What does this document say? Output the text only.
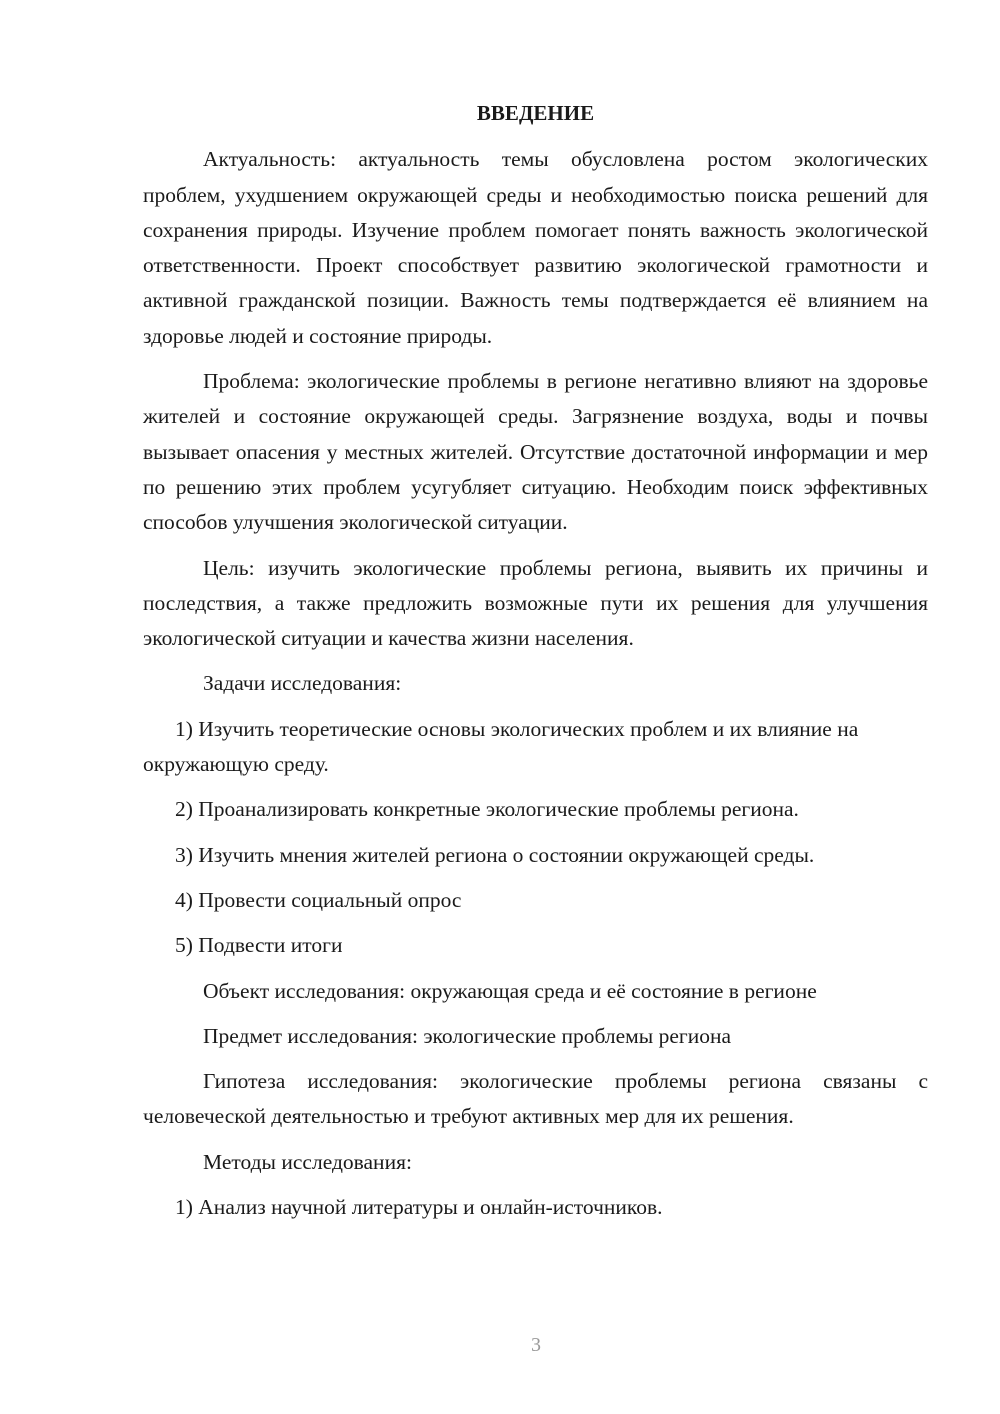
ВВЕДЕНИЕ

Актуальность: актуальность темы обусловлена ростом экологических проблем, ухудшением окружающей среды и необходимостью поиска решений для сохранения природы. Изучение проблем помогает понять важность экологической ответственности. Проект способствует развитию экологической грамотности и активной гражданской позиции. Важность темы подтверждается её влиянием на здоровье людей и состояние природы.

Проблема: экологические проблемы в регионе негативно влияют на здоровье жителей и состояние окружающей среды. Загрязнение воздуха, воды и почвы вызывает опасения у местных жителей. Отсутствие достаточной информации и мер по решению этих проблем усугубляет ситуацию. Необходим поиск эффективных способов улучшения экологической ситуации.

Цель: изучить экологические проблемы региона, выявить их причины и последствия, а также предложить возможные пути их решения для улучшения экологической ситуации и качества жизни населения.

Задачи исследования:

1) Изучить теоретические основы экологических проблем и их влияние на окружающую среду.

2) Проанализировать конкретные экологические проблемы региона.

3) Изучить мнения жителей региона о состоянии окружающей среды.

4) Провести социальный опрос

5) Подвести итоги

Объект исследования: окружающая среда и её состояние в регионе

Предмет исследования: экологические проблемы региона

Гипотеза исследования: экологические проблемы региона связаны с человеческой деятельностью и требуют активных мер для их решения.

Методы исследования:

1) Анализ научной литературы и онлайн-источников.

3
